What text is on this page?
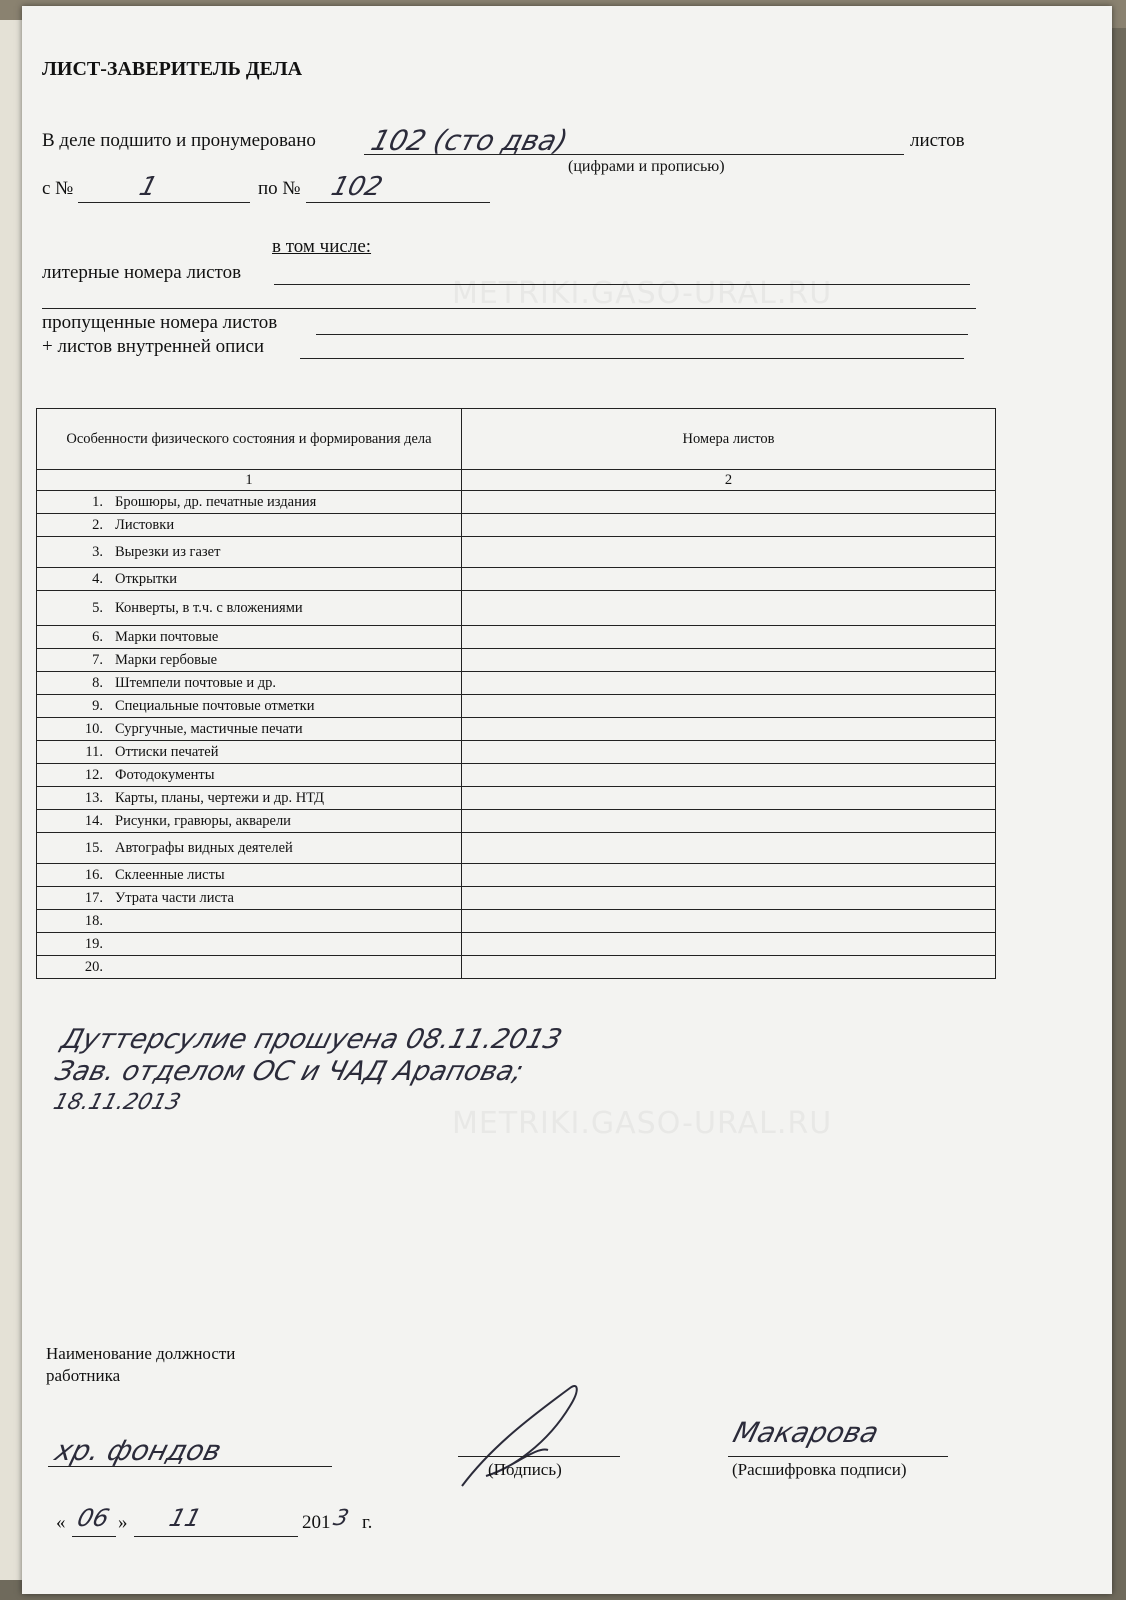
METRIKI.GASO-URAL.RU
METRIKI.GASO-URAL.RU
ЛИСТ-ЗАВЕРИТЕЛЬ ДЕЛА
В деле подшито и пронумеровано 102 (сто два)	листов
(цифрами и прописью)
с № 1	по № 102
в том числе:
литерные номера листов
пропущенные номера листов
+ листов внутренней описи
Особенности физического состояния и формирования дела	Номера листов
1	2
1. Брошюры, др. печатные издания	
2. Листовки	
3. Вырезки из газет	
4. Открытки	
5. Конверты, в т.ч. с вложениями	
6. Марки почтовые	
7. Марки гербовые	
8. Штемпели почтовые и др.	
9. Специальные почтовые отметки	
10. Сургучные, мастичные печати	
11. Оттиски печатей	
12. Фотодокументы	
13. Карты, планы, чертежи и др. НТД	
14. Рисунки, гравюры, акварели	
15. Автографы видных деятелей	
16. Склеенные листы	
17. Утрата части листа	
18.	
19.	
20.	
Дуттерсулие прошуена 08.11.2013
Зав. отделом ОС и ЧАД Арапова;
18.11.2013
Наименование должности
работника
хр. фондов
(Подпись)
Макарова
(Расшифровка подписи)
« 06 » 11	201 3 г.
